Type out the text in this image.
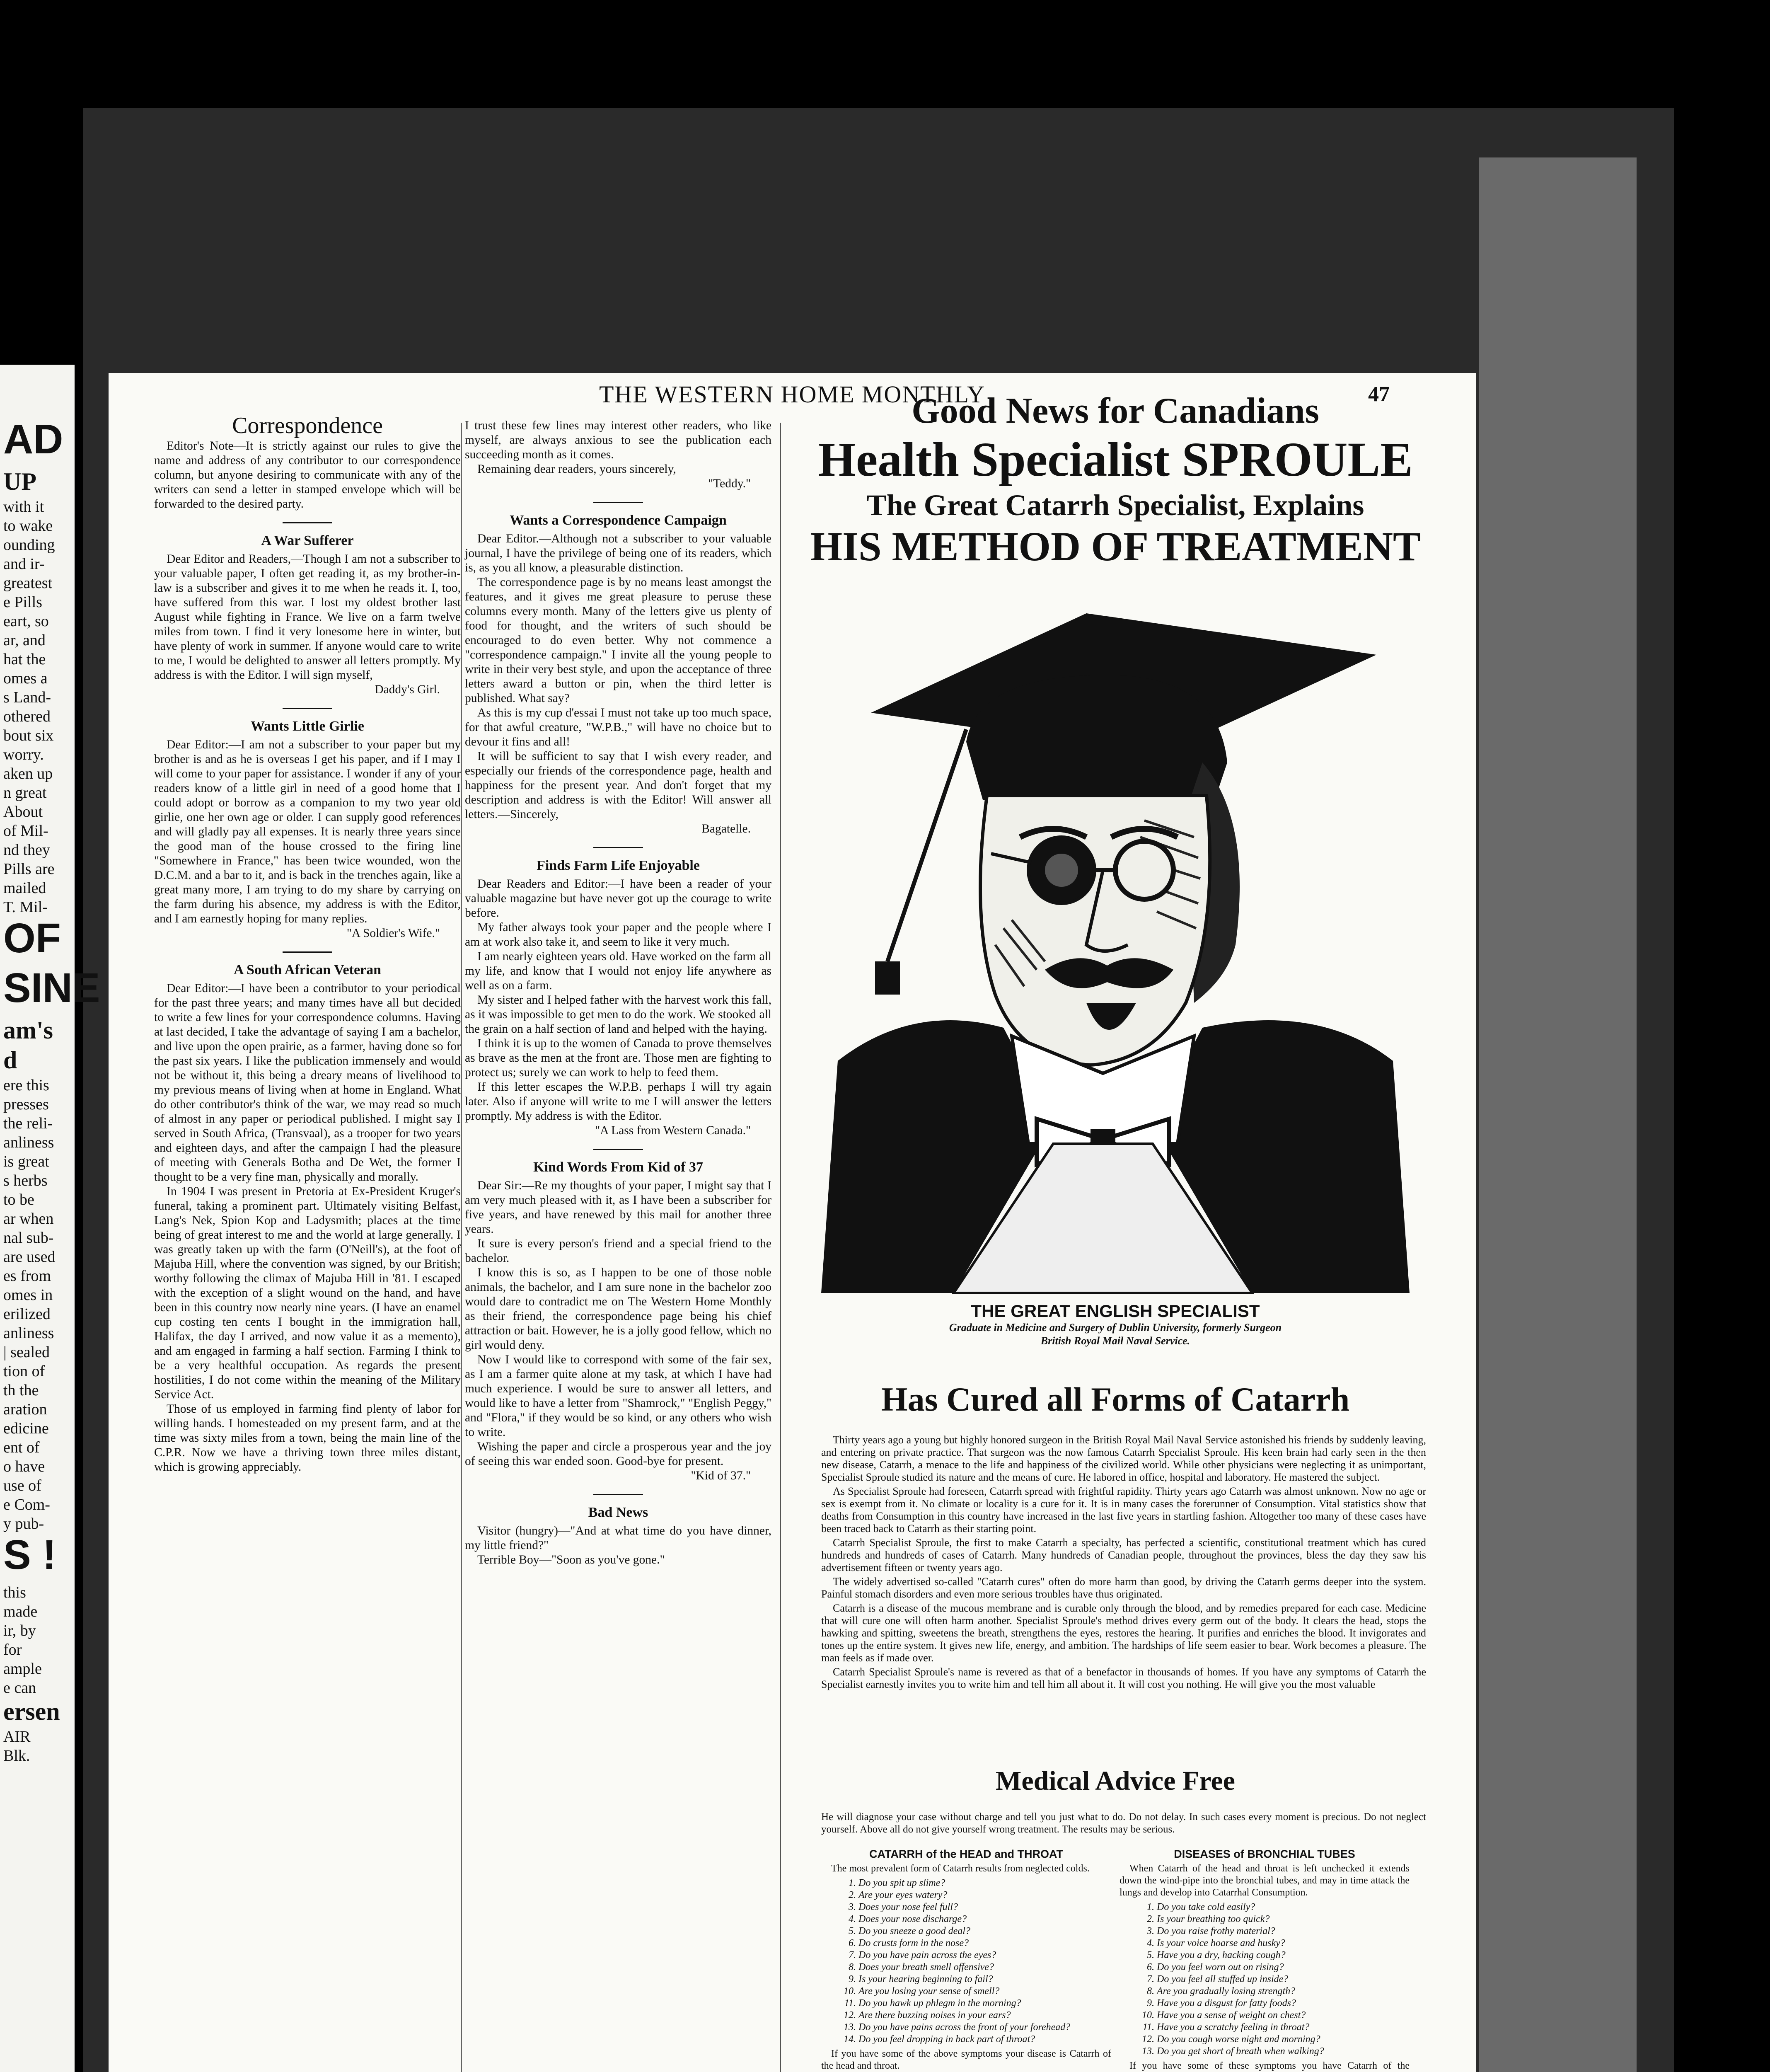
AD
UP
with it
to wake
ounding
and ir-
greatest
e Pills
eart, so
ar, and
hat the
omes a
s Land-
othered
bout six
worry.
aken up
n great
About
of Mil-
nd they
Pills are
mailed
T. Mil-
OF
SINE
am's
d
ere this
presses
the reli-
anliness
is great
s herbs
to be
ar when
nal sub-
are used
es from
omes in
erilized
anliness
| sealed
tion of
th the
aration
edicine
ent of
o have
use of
e Com-
y pub-
S !
this
made
ir, by
for
ample
e can
ersen
AIR
Blk.
THE WESTERN HOME MONTHLY	47
Correspondence

Editor's Note—It is strictly against our rules to give the name and address of any contributor to our correspondence column, but anyone desiring to communicate with any of the writers can send a letter in stamped envelope which will be forwarded to the desired party.

A War Sufferer

Dear Editor and Readers,—Though I am not a subscriber to your valuable paper, I often get reading it, as my brother-in-law is a subscriber and gives it to me when he reads it. I, too, have suffered from this war. I lost my oldest brother last August while fighting in France. We live on a farm twelve miles from town. I find it very lonesome here in winter, but have plenty of work in summer. If anyone would care to write to me, I would be delighted to answer all letters promptly. My address is with the Editor. I will sign myself,

Daddy's Girl.

Wants Little Girlie

Dear Editor:—I am not a subscriber to your paper but my brother is and as he is overseas I get his paper, and if I may I will come to your paper for assistance. I wonder if any of your readers know of a little girl in need of a good home that I could adopt or borrow as a companion to my two year old girlie, one her own age or older. I can supply good references and will gladly pay all expenses. It is nearly three years since the good man of the house crossed to the firing line "Somewhere in France," has been twice wounded, won the D.C.M. and a bar to it, and is back in the trenches again, like a great many more, I am trying to do my share by carrying on the farm during his absence, my address is with the Editor, and I am earnestly hoping for many replies.

"A Soldier's Wife."

A South African Veteran

Dear Editor:—I have been a contributor to your periodical for the past three years; and many times have all but decided to write a few lines for your correspondence columns. Having at last decided, I take the advantage of saying I am a bachelor, and live upon the open prairie, as a farmer, having done so for the past six years. I like the publication immensely and would not be without it, this being a dreary means of livelihood to my previous means of living when at home in England. What do other contributor's think of the war, we may read so much of almost in any paper or periodical published. I might say I served in South Africa, (Transvaal), as a trooper for two years and eighteen days, and after the campaign I had the pleasure of meeting with Generals Botha and De Wet, the former I thought to be a very fine man, physically and morally.

In 1904 I was present in Pretoria at Ex-President Kruger's funeral, taking a prominent part. Ultimately visiting Belfast, Lang's Nek, Spion Kop and Ladysmith; places at the time being of great interest to me and the world at large generally. I was greatly taken up with the farm (O'Neill's), at the foot of Majuba Hill, where the convention was signed, by our British; worthy following the climax of Majuba Hill in '81. I escaped with the exception of a slight wound on the hand, and have been in this country now nearly nine years. (I have an enamel cup costing ten cents I bought in the immigration hall, Halifax, the day I arrived, and now value it as a memento), and am engaged in farming a half section. Farming I think to be a very healthful occupation. As regards the present hostilities, I do not come within the meaning of the Military Service Act.

Those of us employed in farming find plenty of labor for willing hands. I homesteaded on my present farm, and at the time was sixty miles from a town, being the main line of the C.P.R. Now we have a thriving town three miles distant, which is growing appreciably.

I trust these few lines may interest other readers, who like myself, are always anxious to see the publication each succeeding month as it comes.

Remaining dear readers, yours sincerely,

"Teddy."

Wants a Correspondence Campaign

Dear Editor.—Although not a subscriber to your valuable journal, I have the privilege of being one of its readers, which is, as you all know, a pleasurable distinction.

The correspondence page is by no means least amongst the features, and it gives me great pleasure to peruse these columns every month. Many of the letters give us plenty of food for thought, and the writers of such should be encouraged to do even better. Why not commence a "correspondence campaign." I invite all the young people to write in their very best style, and upon the acceptance of three letters award a button or pin, when the third letter is published. What say?

As this is my cup d'essai I must not take up too much space, for that awful creature, "W.P.B.," will have no choice but to devour it fins and all!

It will be sufficient to say that I wish every reader, and especially our friends of the correspondence page, health and happiness for the present year. And don't forget that my description and address is with the Editor! Will answer all letters.—Sincerely,

Bagatelle.

Finds Farm Life Enjoyable

Dear Readers and Editor:—I have been a reader of your valuable magazine but have never got up the courage to write before.

My father always took your paper and the people where I am at work also take it, and seem to like it very much.

I am nearly eighteen years old. Have worked on the farm all my life, and know that I would not enjoy life anywhere as well as on a farm.

My sister and I helped father with the harvest work this fall, as it was impossible to get men to do the work. We stooked all the grain on a half section of land and helped with the haying.

I think it is up to the women of Canada to prove themselves as brave as the men at the front are. Those men are fighting to protect us; surely we can work to help to feed them.

If this letter escapes the W.P.B. perhaps I will try again later. Also if anyone will write to me I will answer the letters promptly. My address is with the Editor.

"A Lass from Western Canada."

Kind Words From Kid of 37

Dear Sir:—Re my thoughts of your paper, I might say that I am very much pleased with it, as I have been a subscriber for five years, and have renewed by this mail for another three years.

It sure is every person's friend and a special friend to the bachelor.

I know this is so, as I happen to be one of those noble animals, the bachelor, and I am sure none in the bachelor zoo would dare to contradict me on The Western Home Monthly as their friend, the correspondence page being his chief attraction or bait. However, he is a jolly good fellow, which no girl would deny.

Now I would like to correspond with some of the fair sex, as I am a farmer quite alone at my task, at which I have had much experience. I would be sure to answer all letters, and would like to have a letter from "Shamrock," "English Peggy," and "Flora," if they would be so kind, or any others who wish to write.

Wishing the paper and circle a prosperous year and the joy of seeing this war ended soon. Good-bye for present.

"Kid of 37."

Bad News

Visitor (hungry)—"And at what time do you have dinner, my little friend?"

Terrible Boy—"Soon as you've gone."

Good News for Canadians
Health Specialist SPROULE
The Great Catarrh Specialist, Explains
HIS METHOD OF TREATMENT
THE GREAT ENGLISH SPECIALIST
Graduate in Medicine and Surgery of Dublin University, formerly Surgeon
British Royal Mail Naval Service.
Has Cured all Forms of Catarrh

Thirty years ago a young but highly honored surgeon in the British Royal Mail Naval Service astonished his friends by suddenly leaving, and entering on private practice. That surgeon was the now famous Catarrh Specialist Sproule. His keen brain had early seen in the then new disease, Catarrh, a menace to the life and happiness of the civilized world. While other physicians were neglecting it as unimportant, Specialist Sproule studied its nature and the means of cure. He labored in office, hospital and laboratory. He mastered the subject.

As Specialist Sproule had foreseen, Catarrh spread with frightful rapidity. Thirty years ago Catarrh was almost unknown. Now no age or sex is exempt from it. No climate or locality is a cure for it. It is in many cases the forerunner of Consumption. Vital statistics show that deaths from Consumption in this country have increased in the last five years in startling fashion. Altogether too many of these cases have been traced back to Catarrh as their starting point.

Catarrh Specialist Sproule, the first to make Catarrh a specialty, has perfected a scientific, constitutional treatment which has cured hundreds and hundreds of cases of Catarrh. Many hundreds of Canadian people, throughout the provinces, bless the day they saw his advertisement fifteen or twenty years ago.

The widely advertised so-called "Catarrh cures" often do more harm than good, by driving the Catarrh germs deeper into the system. Painful stomach disorders and even more serious troubles have thus originated.

Catarrh is a disease of the mucous membrane and is curable only through the blood, and by remedies prepared for each case. Medicine that will cure one will often harm another. Specialist Sproule's method drives every germ out of the body. It clears the head, stops the hawking and spitting, sweetens the breath, strengthens the eyes, restores the hearing. It purifies and enriches the blood. It invigorates and tones up the entire system. It gives new life, energy, and ambition. The hardships of life seem easier to bear. Work becomes a pleasure. The man feels as if made over.

Catarrh Specialist Sproule's name is revered as that of a benefactor in thousands of homes. If you have any symptoms of Catarrh the Specialist earnestly invites you to write him and tell him all about it. It will cost you nothing. He will give you the most valuable

Medical Advice Free
He will diagnose your case without charge and tell you just what to do. Do not delay. In such cases every moment is precious. Do not neglect yourself. Above all do not give yourself wrong treatment. The results may be serious.
CATARRH of the HEAD and THROAT
The most prevalent form of Catarrh results from neglected colds.
1. Do you spit up slime?
2. Are your eyes watery?
3. Does your nose feel full?
4. Does your nose discharge?
5. Do you sneeze a good deal?
6. Do crusts form in the nose?
7. Do you have pain across the eyes?
8. Does your breath smell offensive?
9. Is your hearing beginning to fail?
10. Are you losing your sense of smell?
11. Do you hawk up phlegm in the morning?
12. Are there buzzing noises in your ears?
13. Do you have pains across the front of your forehead?
14. Do you feel dropping in back part of throat?
If you have some of the above symptoms your disease is Catarrh of the head and throat.
DISEASES of BRONCHIAL TUBES
When Catarrh of the head and throat is left unchecked it extends down the wind-pipe into the bronchial tubes, and may in time attack the lungs and develop into Catarrhal Consumption.
1. Do you take cold easily?
2. Is your breathing too quick?
3. Do you raise frothy material?
4. Is your voice hoarse and husky?
5. Have you a dry, hacking cough?
6. Do you feel worn out on rising?
7. Do you feel all stuffed up inside?
8. Are you gradually losing strength?
9. Have you a disgust for fatty foods?
10. Have you a sense of weight on chest?
11. Have you a scratchy feeling in throat?
12. Do you cough worse night and morning?
13. Do you get short of breath when walking?
If you have some of these symptoms you have Catarrh of the
